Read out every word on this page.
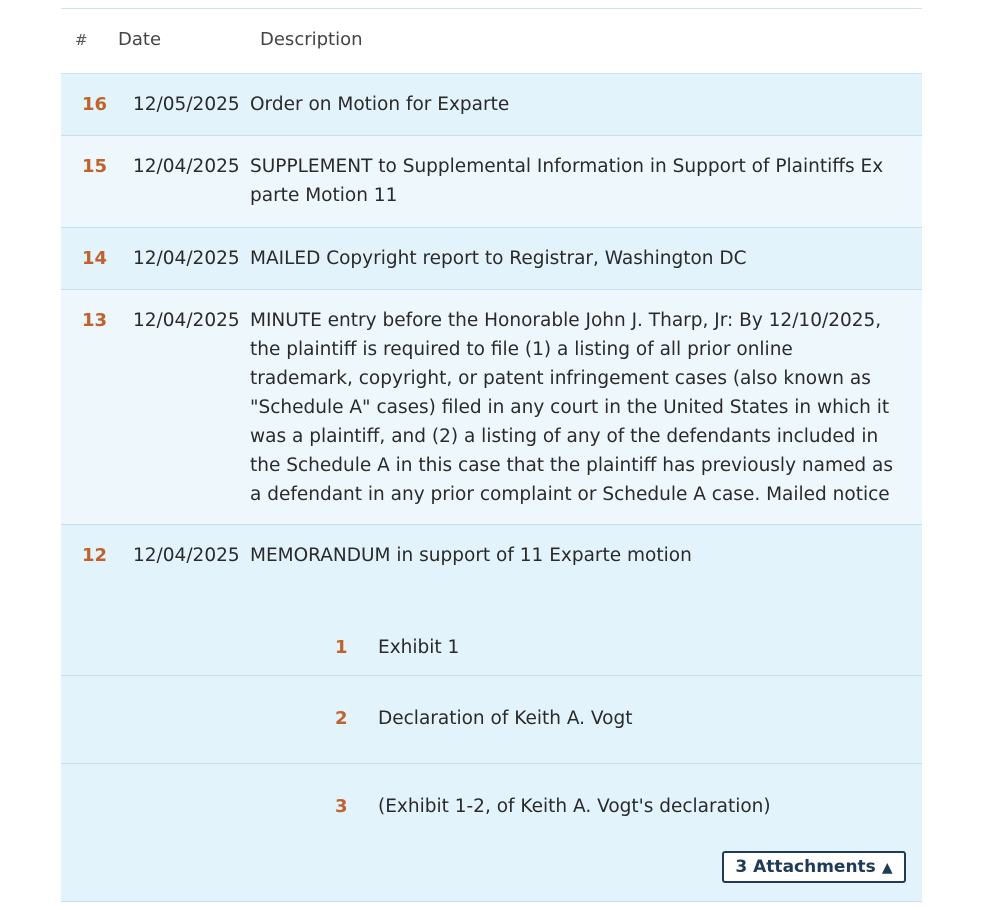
# Date	Description
16 12/05/2025 Order on Motion for Exparte
15 12/04/2025 SUPPLEMENT to Supplemental Information in Support of Plaintiffs Ex parte Motion 11
14 12/04/2025 MAILED Copyright report to Registrar, Washington DC
13 12/04/2025 MINUTE entry before the Honorable John J. Tharp, Jr: By 12/10/2025, the plaintiff is required to file (1) a listing of all prior online trademark, copyright, or patent infringement cases (also known as "Schedule A" cases) filed in any court in the United States in which it was a plaintiff, and (2) a listing of any of the defendants included in the Schedule A in this case that the plaintiff has previously named as a defendant in any prior complaint or Schedule A case. Mailed notice
12 12/04/2025 MEMORANDUM in support of 11 Exparte motion
1 Exhibit 1
2 Declaration of Keith A. Vogt
3 (Exhibit 1-2, of Keith A. Vogt's declaration)
3 Attachments ▲
